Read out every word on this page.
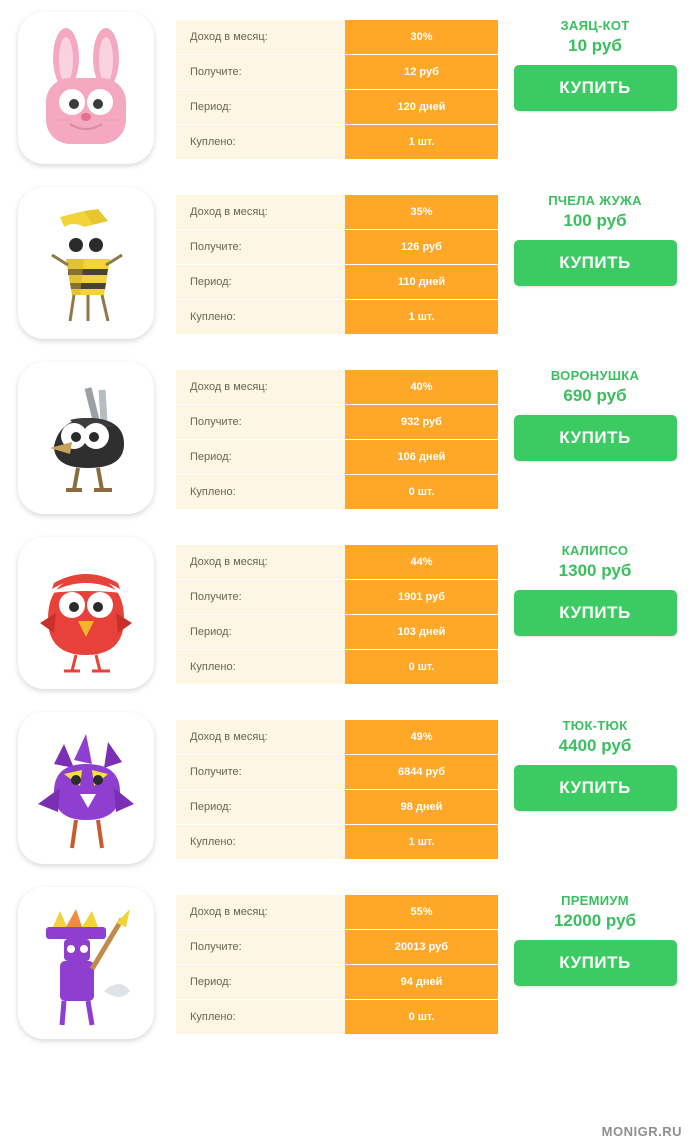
Доход в месяц:	30%
Получите:	12 руб
Период:	120 дней
Куплено:	1 шт.
ЗАЯЦ-КОТ
10 руб
КУПИТЬ
Доход в месяц:	35%
Получите:	126 руб
Период:	110 дней
Куплено:	1 шт.
ПЧЕЛА ЖУЖА
100 руб
КУПИТЬ
Доход в месяц:	40%
Получите:	932 руб
Период:	106 дней
Куплено:	0 шт.
ВОРОНУШКА
690 руб
КУПИТЬ
Доход в месяц:	44%
Получите:	1901 руб
Период:	103 дней
Куплено:	0 шт.
КАЛИПСО
1300 руб
КУПИТЬ
Доход в месяц:	49%
Получите:	6844 руб
Период:	98 дней
Куплено:	1 шт.
ТЮК-ТЮК
4400 руб
КУПИТЬ
Доход в месяц:	55%
Получите:	20013 руб
Период:	94 дней
Куплено:	0 шт.
ПРЕМИУМ
12000 руб
КУПИТЬ
MONIGR.RU
